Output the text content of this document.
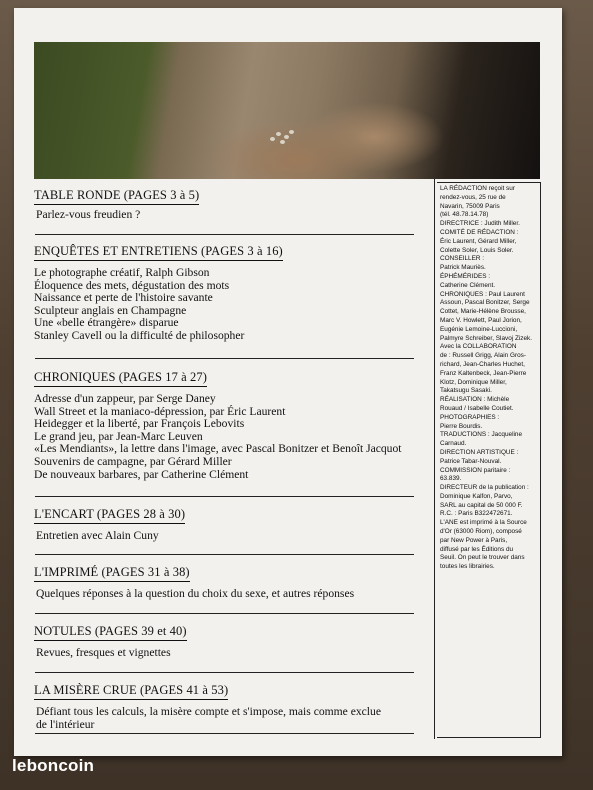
TABLE RONDE (PAGES 3 à 5)
Parlez-vous freudien ?
ENQUÊTES ET ENTRETIENS (PAGES 3 à 16)
Le photographe créatif, Ralph Gibson
Éloquence des mets, dégustation des mots
Naissance et perte de l'histoire savante
Sculpteur anglais en Champagne
Une «belle étrangère» disparue
Stanley Cavell ou la difficulté de philosopher
CHRONIQUES (PAGES 17 à 27)
Adresse d'un zappeur, par Serge Daney
Wall Street et la maniaco-dépression, par Éric Laurent
Heidegger et la liberté, par François Lebovits
Le grand jeu, par Jean-Marc Leuven
«Les Mendiants», la lettre dans l'image, avec Pascal Bonitzer et Benoît Jacquot
Souvenirs de campagne, par Gérard Miller
De nouveaux barbares, par Catherine Clément
L'ENCART (PAGES 28 à 30)
Entretien avec Alain Cuny
L'IMPRIMÉ (PAGES 31 à 38)
Quelques réponses à la question du choix du sexe, et autres réponses
NOTULES (PAGES 39 et 40)
Revues, fresques et vignettes
LA MISÈRE CRUE (PAGES 41 à 53)
Défiant tous les calculs, la misère compte et s'impose, mais comme exclue
de l'intérieur
LA RÉDACTION reçoit sur
rendez-vous, 25 rue de
Navarin, 75009 Paris
(tél. 48.78.14.78)
DIRECTRICE : Judith Miller.
COMITÉ DE RÉDACTION :
Éric Laurent, Gérard Miller,
Colette Soler, Louis Soler.
CONSEILLER :
Patrick Mauriès.
ÉPHÉMÉRIDES :
Catherine Clément.
CHRONIQUES : Paul Laurent
Assoun, Pascal Bonitzer, Serge
Cottet, Marie-Hélène Brousse,
Marc V. Howlett, Paul Jorion,
Eugénie Lemoine-Luccioni,
Palmyre Schreiber, Slavoj Zizek.
Avec la COLLABORATION
de : Russell Grigg, Alain Gros-
richard, Jean-Charles Huchet,
Franz Kaltenbeck, Jean-Pierre
Klotz, Dominique Miller,
Takatsugu Sasaki.
RÉALISATION : Michèle
Rouaud / Isabelle Coutiet.
PHOTOGRAPHIES :
Pierre Bourdis.
TRADUCTIONS : Jacqueline
Carnaud.
DIRECTION ARTISTIQUE :
Patrice Tabar-Nouval.
COMMISSION paritaire :
63.839.
DIRECTEUR de la publication :
Dominique Kalfon, Parvo,
SARL au capital de 50 000 F.
R.C. : Paris B322472671.
L'ANE est imprimé à la Source
d'Or (63000 Riom), composé
par New Power à Paris,
diffusé par les Éditions du
Seuil. On peut le trouver dans
toutes les librairies.
leboncoin
